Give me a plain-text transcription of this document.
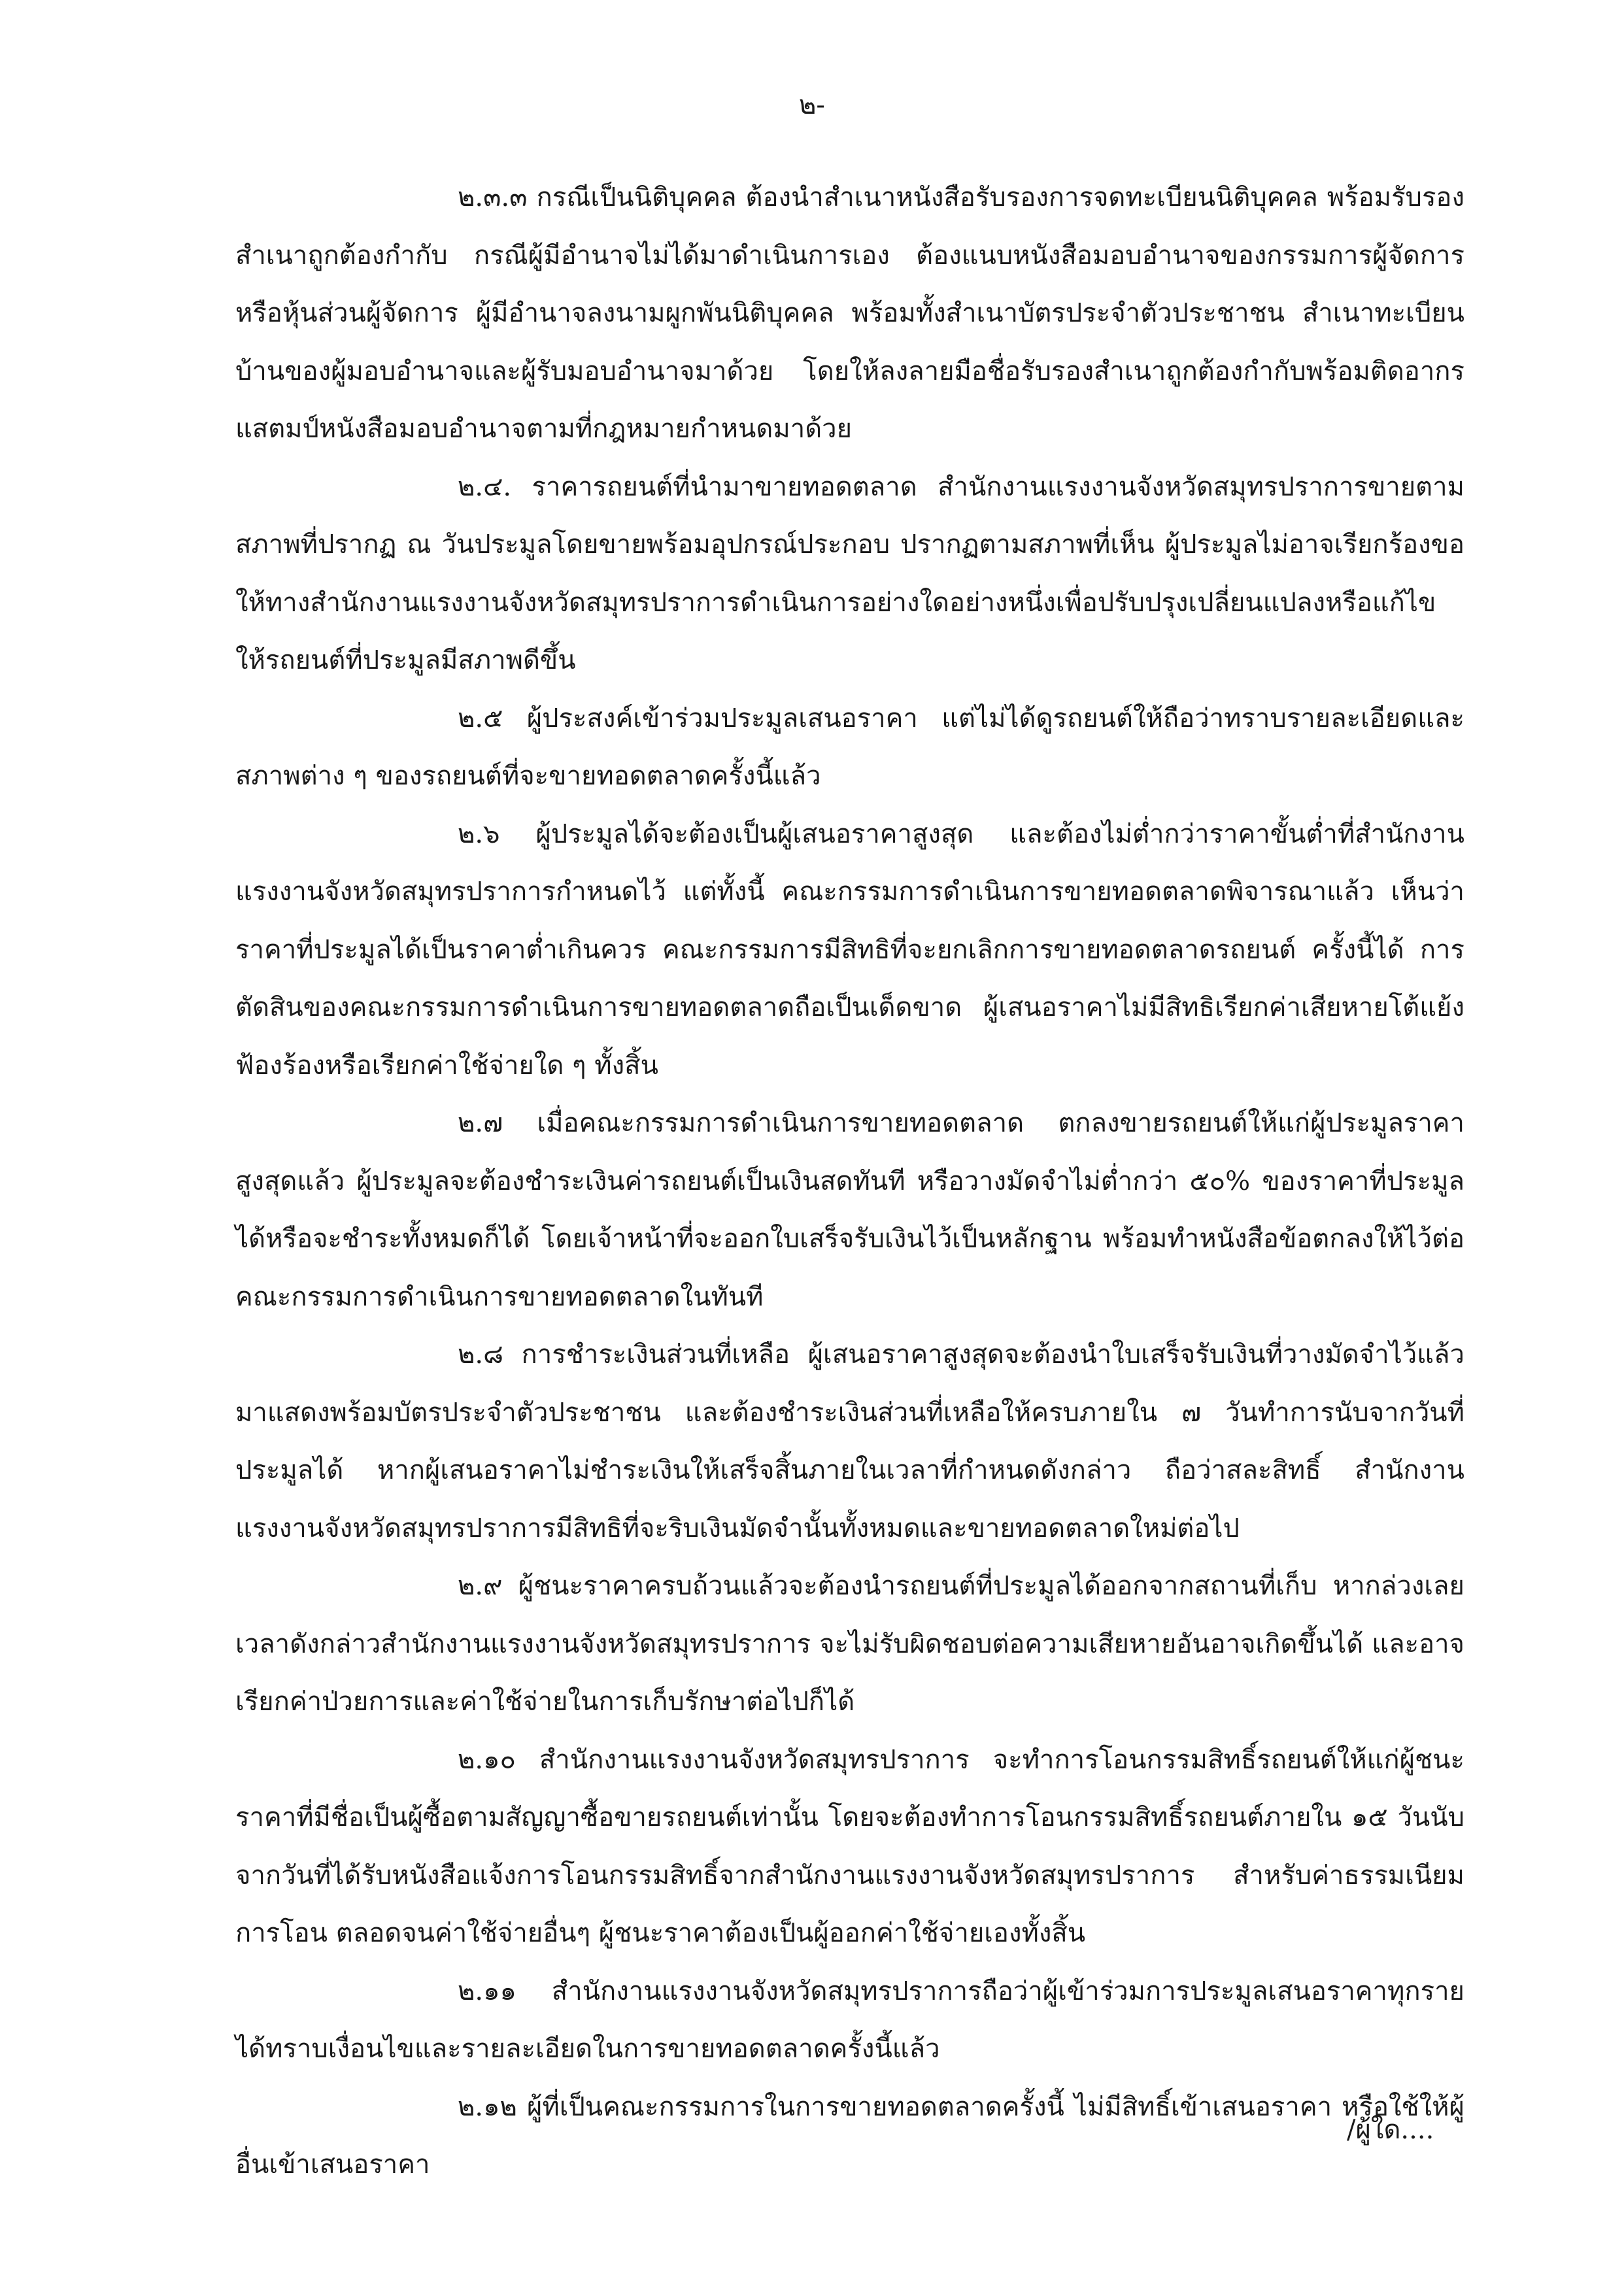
๒-

๒.๓.๓ กรณีเป็นนิติบุคคล ต้องนำสำเนาหนังสือรับรองการจดทะเบียนนิติบุคคล พร้อมรับรองสำเนาถูกต้องกำกับ กรณีผู้มีอำนาจไม่ได้มาดำเนินการเอง ต้องแนบหนังสือมอบอำนาจของกรรมการผู้จัดการหรือหุ้นส่วนผู้จัดการ ผู้มีอำนาจลงนามผูกพันนิติบุคคล พร้อมทั้งสำเนาบัตรประจำตัวประชาชน สำเนาทะเบียนบ้านของผู้มอบอำนาจและผู้รับมอบอำนาจมาด้วย โดยให้ลงลายมือชื่อรับรองสำเนาถูกต้องกำกับพร้อมติดอากรแสตมป์หนังสือมอบอำนาจตามที่กฎหมายกำหนดมาด้วย

๒.๔. ราคารถยนต์ที่นำมาขายทอดตลาด สำนักงานแรงงานจังหวัดสมุทรปราการขายตามสภาพที่ปรากฏ ณ วันประมูลโดยขายพร้อมอุปกรณ์ประกอบ ปรากฏตามสภาพที่เห็น ผู้ประมูลไม่อาจเรียกร้องขอให้ทางสำนักงานแรงงานจังหวัดสมุทรปราการดำเนินการอย่างใดอย่างหนึ่งเพื่อปรับปรุงเปลี่ยนแปลงหรือแก้ไขให้รถยนต์ที่ประมูลมีสภาพดีขึ้น

๒.๕ ผู้ประสงค์เข้าร่วมประมูลเสนอราคา แต่ไม่ได้ดูรถยนต์ให้ถือว่าทราบรายละเอียดและสภาพต่าง ๆ ของรถยนต์ที่จะขายทอดตลาดครั้งนี้แล้ว

๒.๖ ผู้ประมูลได้จะต้องเป็นผู้เสนอราคาสูงสุด และต้องไม่ต่ำกว่าราคาขั้นต่ำที่สำนักงานแรงงานจังหวัดสมุทรปราการกำหนดไว้ แต่ทั้งนี้ คณะกรรมการดำเนินการขายทอดตลาดพิจารณาแล้ว เห็นว่าราคาที่ประมูลได้เป็นราคาต่ำเกินควร คณะกรรมการมีสิทธิที่จะยกเลิกการขายทอดตลาดรถยนต์ ครั้งนี้ได้ การตัดสินของคณะกรรมการดำเนินการขายทอดตลาดถือเป็นเด็ดขาด ผู้เสนอราคาไม่มีสิทธิเรียกค่าเสียหายโต้แย้งฟ้องร้องหรือเรียกค่าใช้จ่ายใด ๆ ทั้งสิ้น

๒.๗ เมื่อคณะกรรมการดำเนินการขายทอดตลาด ตกลงขายรถยนต์ให้แก่ผู้ประมูลราคาสูงสุดแล้ว ผู้ประมูลจะต้องชำระเงินค่ารถยนต์เป็นเงินสดทันที หรือวางมัดจำไม่ต่ำกว่า ๕๐% ของราคาที่ประมูลได้หรือจะชำระทั้งหมดก็ได้ โดยเจ้าหน้าที่จะออกใบเสร็จรับเงินไว้เป็นหลักฐาน พร้อมทำหนังสือข้อตกลงให้ไว้ต่อคณะกรรมการดำเนินการขายทอดตลาดในทันที

๒.๘ การชำระเงินส่วนที่เหลือ ผู้เสนอราคาสูงสุดจะต้องนำใบเสร็จรับเงินที่วางมัดจำไว้แล้วมาแสดงพร้อมบัตรประจำตัวประชาชน และต้องชำระเงินส่วนที่เหลือให้ครบภายใน ๗ วันทำการนับจากวันที่ประมูลได้ หากผู้เสนอราคาไม่ชำระเงินให้เสร็จสิ้นภายในเวลาที่กำหนดดังกล่าว ถือว่าสละสิทธิ์ สำนักงานแรงงานจังหวัดสมุทรปราการมีสิทธิที่จะริบเงินมัดจำนั้นทั้งหมดและขายทอดตลาดใหม่ต่อไป

๒.๙ ผู้ชนะราคาครบถ้วนแล้วจะต้องนำรถยนต์ที่ประมูลได้ออกจากสถานที่เก็บ หากล่วงเลยเวลาดังกล่าวสำนักงานแรงงานจังหวัดสมุทรปราการ จะไม่รับผิดชอบต่อความเสียหายอันอาจเกิดขึ้นได้ และอาจเรียกค่าป่วยการและค่าใช้จ่ายในการเก็บรักษาต่อไปก็ได้

๒.๑๐ สำนักงานแรงงานจังหวัดสมุทรปราการ จะทำการโอนกรรมสิทธิ์รถยนต์ให้แก่ผู้ชนะราคาที่มีชื่อเป็นผู้ซื้อตามสัญญาซื้อขายรถยนต์เท่านั้น โดยจะต้องทำการโอนกรรมสิทธิ์รถยนต์ภายใน ๑๕ วันนับจากวันที่ได้รับหนังสือแจ้งการโอนกรรมสิทธิ์จากสำนักงานแรงงานจังหวัดสมุทรปราการ สำหรับค่าธรรมเนียมการโอน ตลอดจนค่าใช้จ่ายอื่นๆ ผู้ชนะราคาต้องเป็นผู้ออกค่าใช้จ่ายเองทั้งสิ้น

๒.๑๑ สำนักงานแรงงานจังหวัดสมุทรปราการถือว่าผู้เข้าร่วมการประมูลเสนอราคาทุกรายได้ทราบเงื่อนไขและรายละเอียดในการขายทอดตลาดครั้งนี้แล้ว

๒.๑๒ ผู้ที่เป็นคณะกรรมการในการขายทอดตลาดครั้งนี้ ไม่มีสิทธิ์เข้าเสนอราคา หรือใช้ให้ผู้อื่นเข้าเสนอราคา

/ผู้ใด....
